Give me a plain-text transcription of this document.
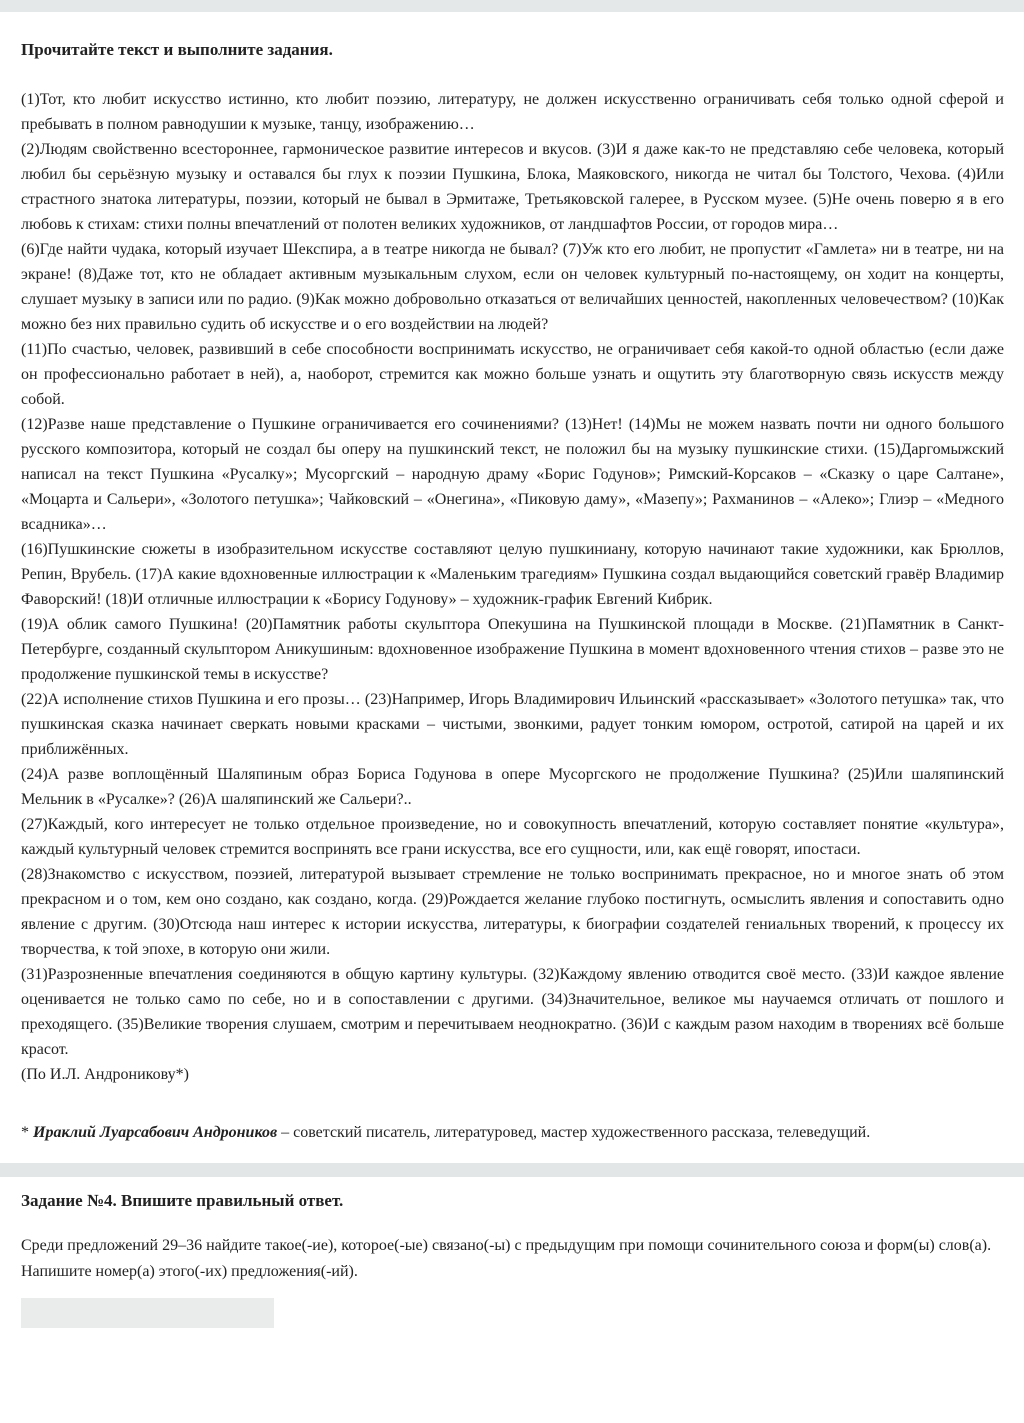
Прочитайте текст и выполните задания.

(1)Тот, кто любит искусство истинно, кто любит поэзию, литературу, не должен искусственно ограничивать себя только одной сферой и пребывать в полном равнодушии к музыке, танцу, изображению…

(2)Людям свойственно всестороннее, гармоническое развитие интересов и вкусов. (3)И я даже как-то не представляю себе человека, который любил бы серьёзную музыку и оставался бы глух к поэзии Пушкина, Блока, Маяковского, никогда не читал бы Толстого, Чехова. (4)Или страстного знатока литературы, поэзии, который не бывал в Эрмитаже, Третьяковской галерее, в Русском музее. (5)Не очень поверю я в его любовь к стихам: стихи полны впечатлений от полотен великих художников, от ландшафтов России, от городов мира…

(6)Где найти чудака, который изучает Шекспира, а в театре никогда не бывал? (7)Уж кто его любит, не пропустит «Гамлета» ни в театре, ни на экране! (8)Даже тот, кто не обладает активным музыкальным слухом, если он человек культурный по-настоящему, он ходит на концерты, слушает музыку в записи или по радио. (9)Как можно добровольно отказаться от величайших ценностей, накопленных человечеством? (10)Как можно без них правильно судить об искусстве и о его воздействии на людей?

(11)По счастью, человек, развивший в себе способности воспринимать искусство, не ограничивает себя какой-то одной областью (если даже он профессионально работает в ней), а, наоборот, стремится как можно больше узнать и ощутить эту благотворную связь искусств между собой.

(12)Разве наше представление о Пушкине ограничивается его сочинениями? (13)Нет! (14)Мы не можем назвать почти ни одного большого русского композитора, который не создал бы оперу на пушкинский текст, не положил бы на музыку пушкинские стихи. (15)Даргомыжский написал на текст Пушкина «Русалку»; Мусоргский – народную драму «Борис Годунов»; Римский-Корсаков – «Сказку о царе Салтане», «Моцарта и Сальери», «Золотого петушка»; Чайковский – «Онегина», «Пиковую даму», «Мазепу»; Рахманинов – «Алеко»; Глиэр – «Медного всадника»…

(16)Пушкинские сюжеты в изобразительном искусстве составляют целую пушкиниану, которую начинают такие художники, как Брюллов, Репин, Врубель. (17)А какие вдохновенные иллюстрации к «Маленьким трагедиям» Пушкина создал выдающийся советский гравёр Владимир Фаворский! (18)И отличные иллюстрации к «Борису Годунову» – художник-график Евгений Кибрик.

(19)А облик самого Пушкина! (20)Памятник работы скульптора Опекушина на Пушкинской площади в Москве. (21)Памятник в Санкт-Петербурге, созданный скульптором Аникушиным: вдохновенное изображение Пушкина в момент вдохновенного чтения стихов – разве это не продолжение пушкинской темы в искусстве?

(22)А исполнение стихов Пушкина и его прозы… (23)Например, Игорь Владимирович Ильинский «рассказывает» «Золотого петушка» так, что пушкинская сказка начинает сверкать новыми красками – чистыми, звонкими, радует тонким юмором, остротой, сатирой на царей и их приближённых.

(24)А разве воплощённый Шаляпиным образ Бориса Годунова в опере Мусоргского не продолжение Пушкина? (25)Или шаляпинский Мельник в «Русалке»? (26)А шаляпинский же Сальери?..

(27)Каждый, кого интересует не только отдельное произведение, но и совокупность впечатлений, которую составляет понятие «культура», каждый культурный человек стремится воспринять все грани искусства, все его сущности, или, как ещё говорят, ипостаси.

(28)Знакомство с искусством, поэзией, литературой вызывает стремление не только воспринимать прекрасное, но и многое знать об этом прекрасном и о том, кем оно создано, как создано, когда. (29)Рождается желание глубоко постигнуть, осмыслить явления и сопоставить одно явление с другим. (30)Отсюда наш интерес к истории искусства, литературы, к биографии создателей гениальных творений, к процессу их творчества, к той эпохе, в которую они жили.

(31)Разрозненные впечатления соединяются в общую картину культуры. (32)Каждому явлению отводится своё место. (33)И каждое явление оценивается не только само по себе, но и в сопоставлении с другими. (34)Значительное, великое мы научаемся отличать от пошлого и преходящего. (35)Великие творения слушаем, смотрим и перечитываем неоднократно. (36)И с каждым разом находим в творениях всё больше красот.

(По И.Л. Андроникову*)

* Ираклий Луарсабович Андроников – советский писатель, литературовед, мастер художественного рассказа, телеведущий.

Задание №4. Впишите правильный ответ.

Среди предложений 29–36 найдите такое(-ие), которое(-ые) связано(-ы) с предыдущим при помощи сочинительного союза и форм(ы) слов(а). Напишите номер(а) этого(-их) предложения(-ий).
